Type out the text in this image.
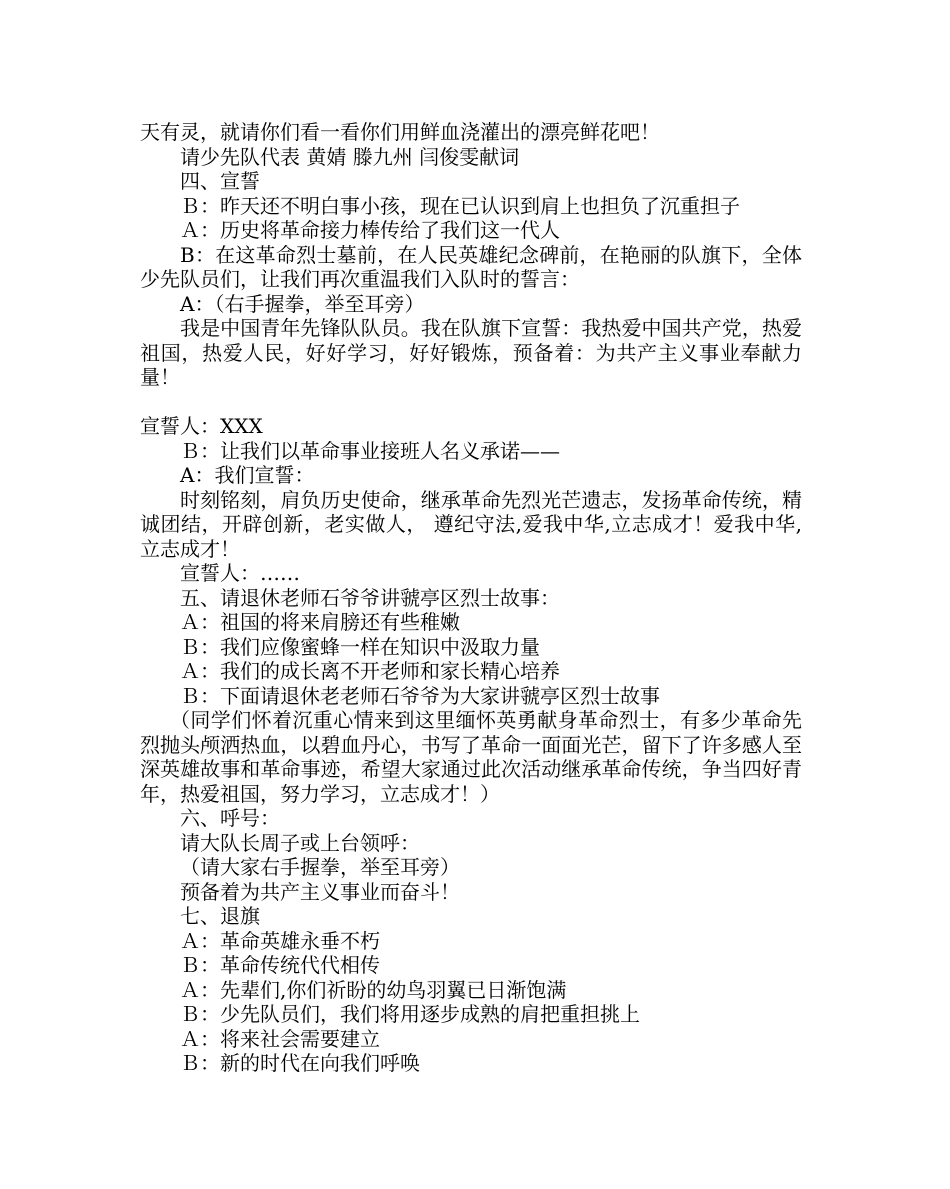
天有灵，就请你们看一看你们用鲜血浇灌出的漂亮鲜花吧！

请少先队代表 黄婧 滕九州 闫俊雯献词

四、宣誓

Ｂ：昨天还不明白事小孩，现在已认识到肩上也担负了沉重担子

Ａ：历史将革命接力棒传给了我们这一代人

B：在这革命烈士墓前，在人民英雄纪念碑前，在艳丽的队旗下，全体少先队员们，让我们再次重温我们入队时的誓言：

A：（右手握拳，举至耳旁）

我是中国青年先锋队队员。我在队旗下宣誓：我热爱中国共产党，热爱祖国，热爱人民，好好学习，好好锻炼，预备着：为共产主义事业奉献力量！

宣誓人：XXX

Ｂ：让我们以革命事业接班人名义承诺——

A：我们宣誓：

时刻铭刻，肩负历史使命，继承革命先烈光芒遗志，发扬革命传统，精诚团结，开辟创新，老实做人， 遵纪守法,爱我中华,立志成才！爱我中华,立志成才！

宣誓人：……

五、请退休老师石爷爷讲虢亭区烈士故事：

Ａ：祖国的将来肩膀还有些稚嫩

Ｂ：我们应像蜜蜂一样在知识中汲取力量

Ａ：我们的成长离不开老师和家长精心培养

Ｂ：下面请退休老老师石爷爷为大家讲虢亭区烈士故事

（同学们怀着沉重心情来到这里缅怀英勇献身革命烈士，有多少革命先烈抛头颅洒热血，以碧血丹心，书写了革命一面面光芒，留下了许多感人至深英雄故事和革命事迹，希望大家通过此次活动继承革命传统，争当四好青年，热爱祖国，努力学习，立志成才！）

六、呼号：

请大队长周子或上台领呼：

（请大家右手握拳，举至耳旁）

预备着为共产主义事业而奋斗！

七、退旗

Ａ：革命英雄永垂不朽

Ｂ：革命传统代代相传

Ａ：先辈们,你们祈盼的幼鸟羽翼已日渐饱满

Ｂ：少先队员们，我们将用逐步成熟的肩把重担挑上

Ａ：将来社会需要建立

Ｂ：新的时代在向我们呼唤
